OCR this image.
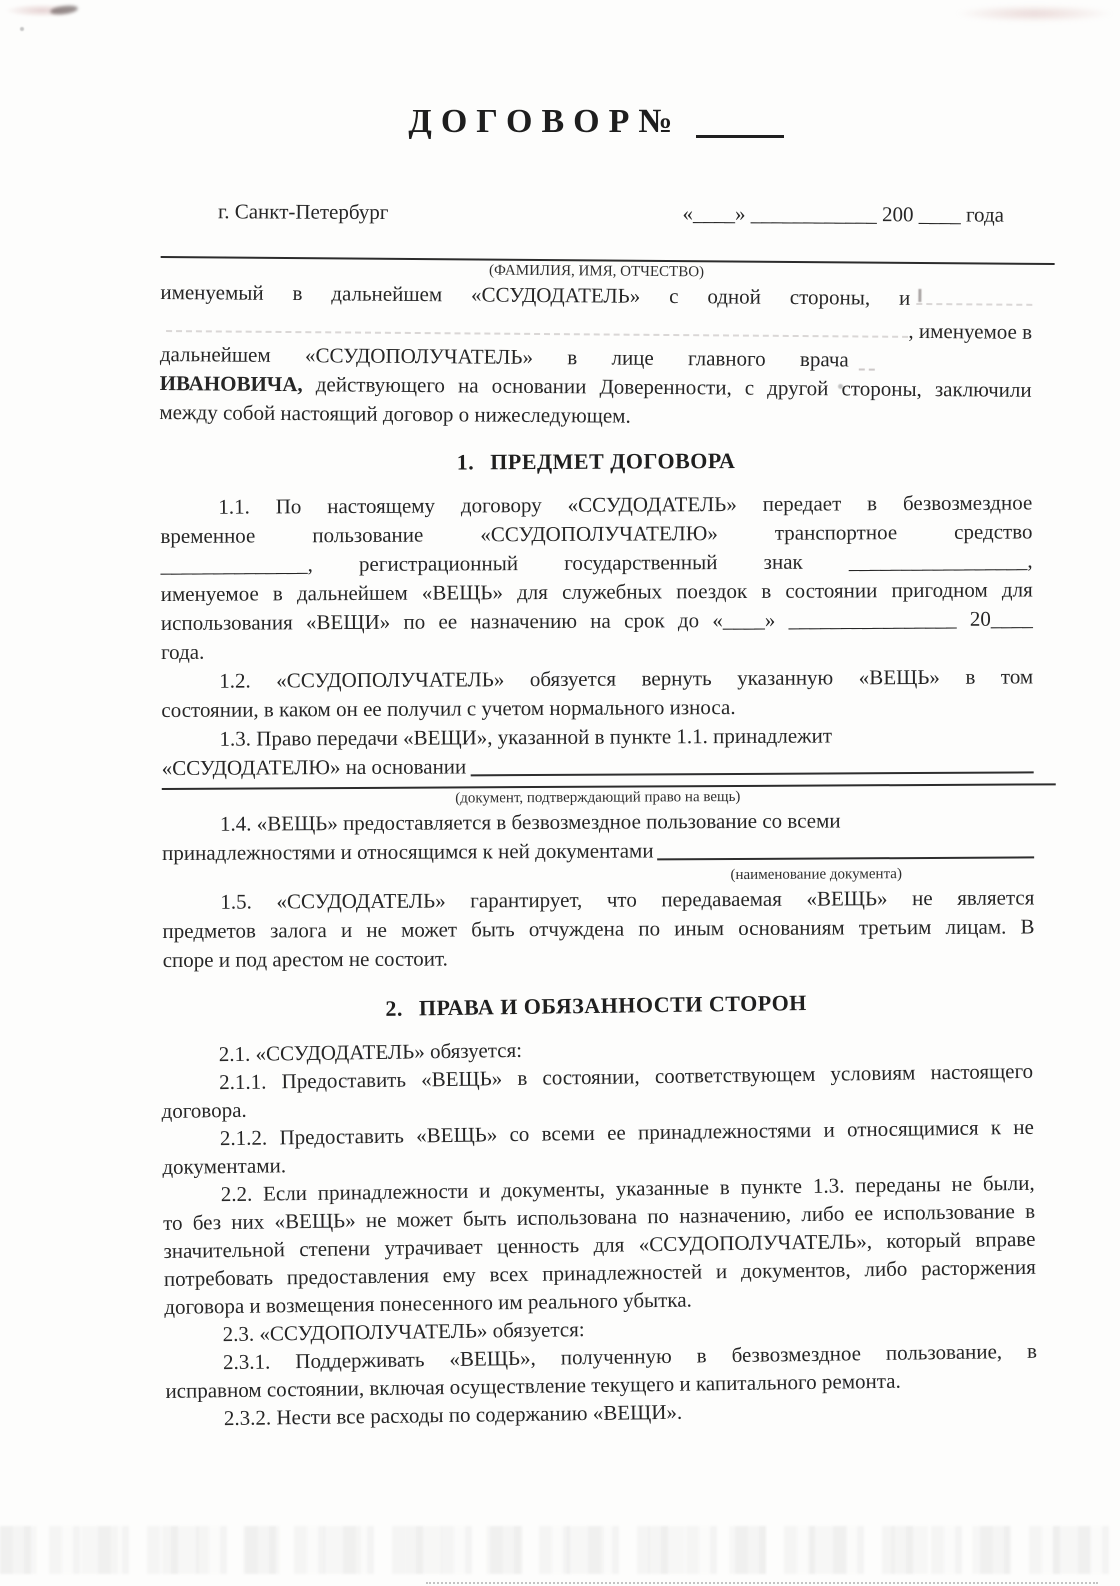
ДОГОВОР№
г. Санкт-Петербург	«____» ____________ 200 ____ года
(ФАМИЛИЯ, ИМЯ, ОТЧЕСТВО)
именуемый в дальнейшем «ССУДОДАТЕЛЬ» с одной стороны, и
, именуемое в
дальнейшем «ССУДОПОЛУЧАТЕЛЬ» в лице главного врача
ИВАНОВИЧА, действующего на основании Доверенности, с другой стороны, заключили
между собой настоящий договор о нижеследующем.
1. ПРЕДМЕТ ДОГОВОРА
1.1. По настоящему договору «ССУДОДАТЕЛЬ» передает в безвозмездное
временное пользование «ССУДОПОЛУЧАТЕЛЮ» транспортное средство
______________, регистрационный государственный знак _________________,
именуемое в дальнейшем «ВЕЩЬ» для служебных поездок в состоянии пригодном для
использования «ВЕЩИ» по ее назначению на срок до «____» ________________ 20____
года.
1.2. «ССУДОПОЛУЧАТЕЛЬ» обязуется вернуть указанную «ВЕЩЬ» в том
состоянии, в каком он ее получил с учетом нормального износа.
1.3. Право передачи «ВЕЩИ», указанной в пункте 1.1. принадлежит
«ССУДОДАТЕЛЮ» на основании
(документ, подтверждающий право на вещь)
1.4. «ВЕЩЬ» предоставляется в безвозмездное пользование со всеми
принадлежностями и относящимся к ней документами
(наименование документа)
1.5. «ССУДОДАТЕЛЬ» гарантирует, что передаваемая «ВЕЩЬ» не является
предметов залога и не может быть отчуждена по иным основаниям третьим лицам. В
споре и под арестом не состоит.
2. ПРАВА И ОБЯЗАННОСТИ СТОРОН
2.1. «ССУДОДАТЕЛЬ» обязуется:
2.1.1. Предоставить «ВЕЩЬ» в состоянии, соответствующем условиям настоящего
договора.
2.1.2. Предоставить «ВЕЩЬ» со всеми ее принадлежностями и относящимися к не
документами.
2.2. Если принадлежности и документы, указанные в пункте 1.3. переданы не были,
то без них «ВЕЩЬ» не может быть использована по назначению, либо ее использование в
значительной степени утрачивает ценность для «ССУДОПОЛУЧАТЕЛЬ», который вправе
потребовать предоставления ему всех принадлежностей и документов, либо расторжения
договора и возмещения понесенного им реального убытка.
2.3. «ССУДОПОЛУЧАТЕЛЬ» обязуется:
2.3.1. Поддерживать «ВЕЩЬ», полученную в безвозмездное пользование, в
исправном состоянии, включая осуществление текущего и капитального ремонта.
2.3.2. Нести все расходы по содержанию «ВЕЩИ».
